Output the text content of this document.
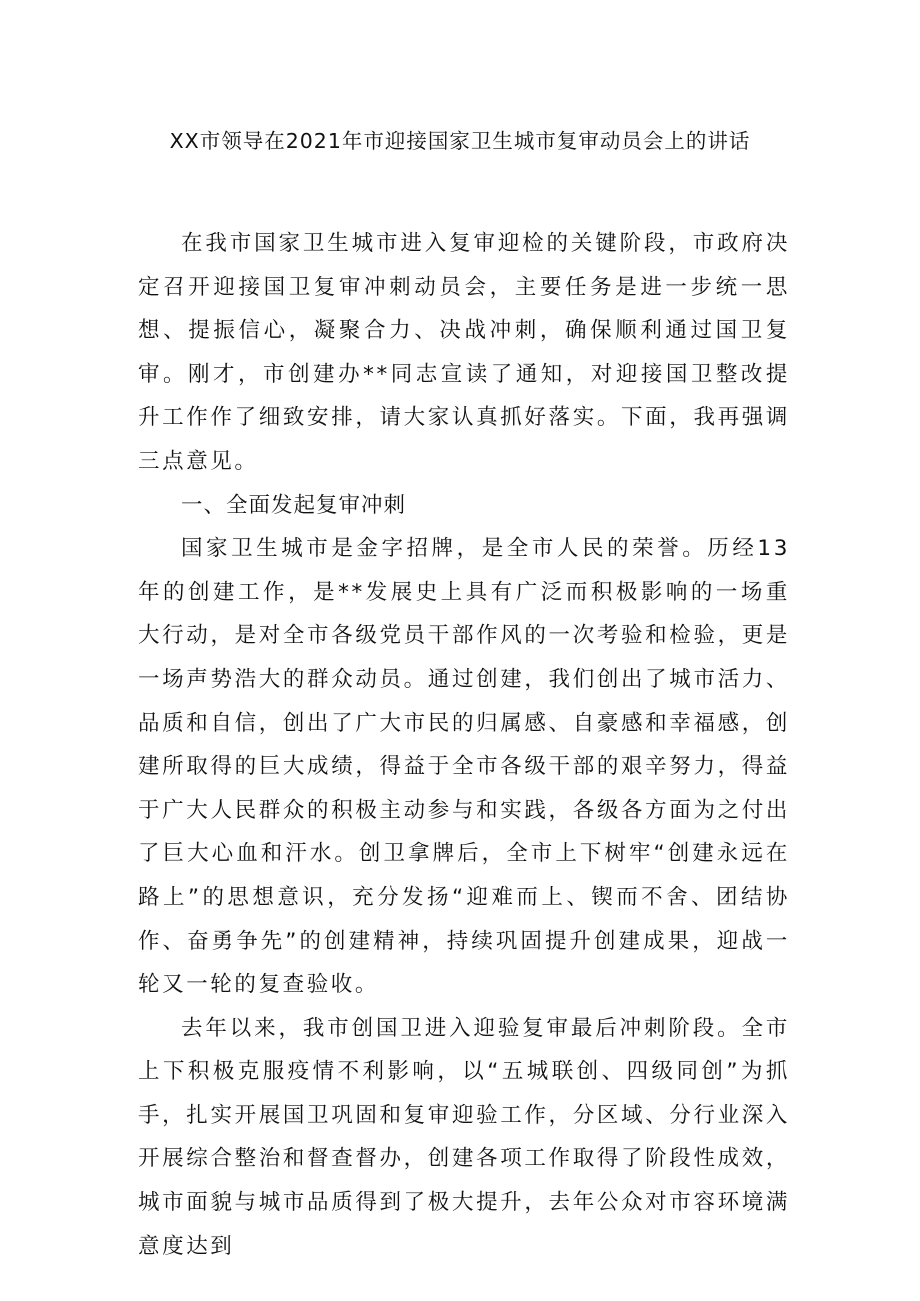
XX市领导在2021年市迎接国家卫生城市复审动员会上的讲话

在我市国家卫生城市进入复审迎检的关键阶段，市政府决定召开迎接国卫复审冲刺动员会，主要任务是进一步统一思想、提振信心，凝聚合力、决战冲刺，确保顺利通过国卫复审。刚才，市创建办**同志宣读了通知，对迎接国卫整改提升工作作了细致安排，请大家认真抓好落实。下面，我再强调三点意见。

一、全面发起复审冲刺

国家卫生城市是金字招牌，是全市人民的荣誉。历经13年的创建工作，是**发展史上具有广泛而积极影响的一场重大行动，是对全市各级党员干部作风的一次考验和检验，更是一场声势浩大的群众动员。通过创建，我们创出了城市活力、品质和自信，创出了广大市民的归属感、自豪感和幸福感，创建所取得的巨大成绩，得益于全市各级干部的艰辛努力，得益于广大人民群众的积极主动参与和实践，各级各方面为之付出了巨大心血和汗水。创卫拿牌后，全市上下树牢“创建永远在路上”的思想意识，充分发扬“迎难而上、锲而不舍、团结协作、奋勇争先”的创建精神，持续巩固提升创建成果，迎战一轮又一轮的复查验收。

去年以来，我市创国卫进入迎验复审最后冲刺阶段。全市上下积极克服疫情不利影响，以“五城联创、四级同创”为抓手，扎实开展国卫巩固和复审迎验工作，分区域、分行业深入开展综合整治和督查督办，创建各项工作取得了阶段性成效，城市面貌与城市品质得到了极大提升，去年公众对市容环境满意度达到
